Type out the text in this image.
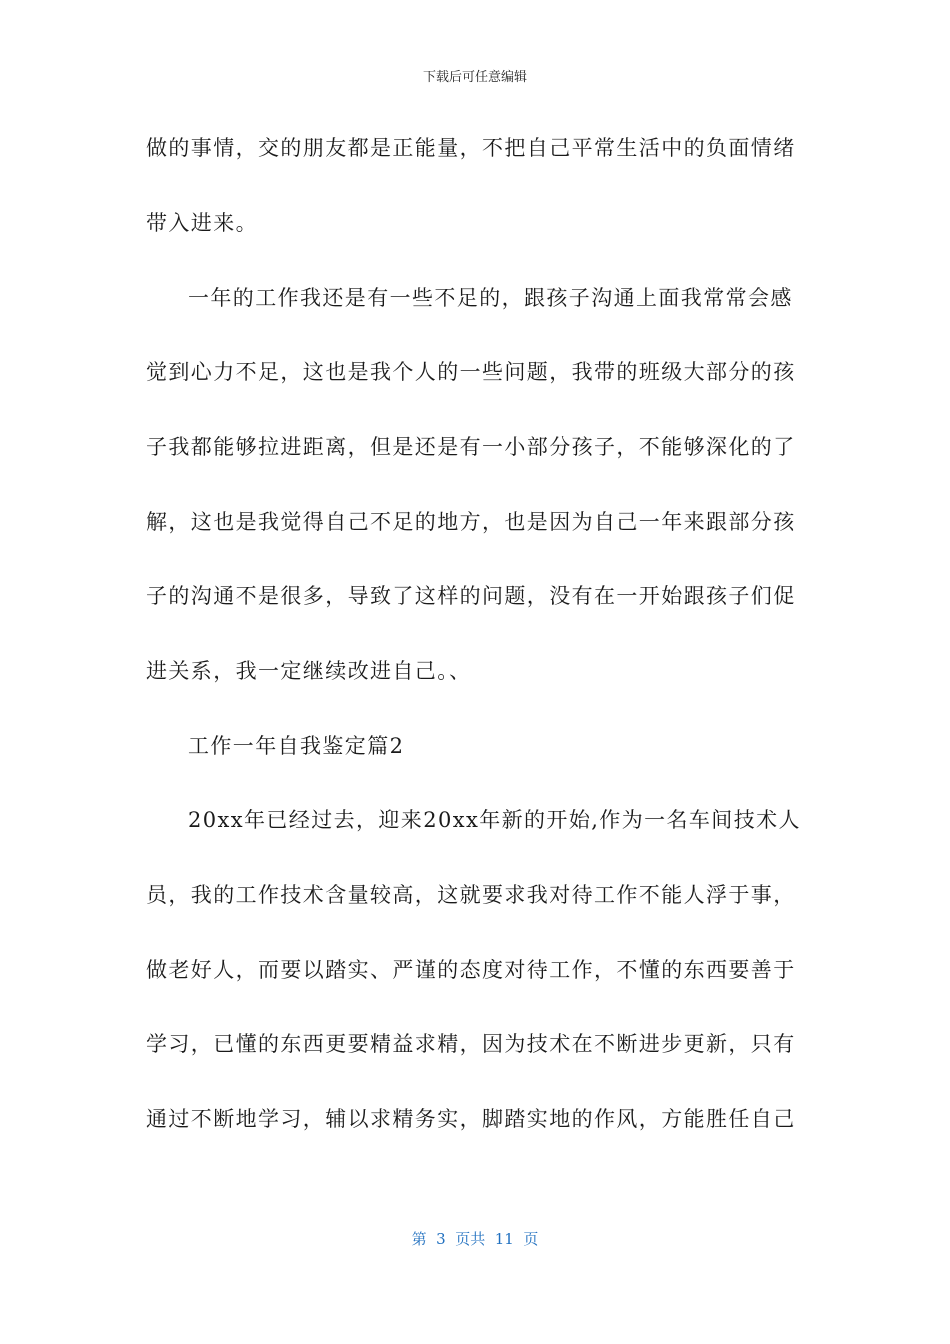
下载后可任意编辑
做的事情，交的朋友都是正能量，不把自己平常生活中的负面情绪
带入进来。
一年的工作我还是有一些不足的，跟孩子沟通上面我常常会感
觉到心力不足，这也是我个人的一些问题，我带的班级大部分的孩
子我都能够拉进距离，但是还是有一小部分孩子，不能够深化的了
解，这也是我觉得自己不足的地方，也是因为自己一年来跟部分孩
子的沟通不是很多，导致了这样的问题，没有在一开始跟孩子们促
进关系，我一定继续改进自己。、
工作一年自我鉴定篇2
20xx年已经过去，迎来20xx年新的开始,作为一名车间技术人
员，我的工作技术含量较高，这就要求我对待工作不能人浮于事，
做老好人，而要以踏实、严谨的态度对待工作，不懂的东西要善于
学习，已懂的东西更要精益求精，因为技术在不断进步更新，只有
通过不断地学习，辅以求精务实，脚踏实地的作风，方能胜任自己
第  3  页共  11  页
